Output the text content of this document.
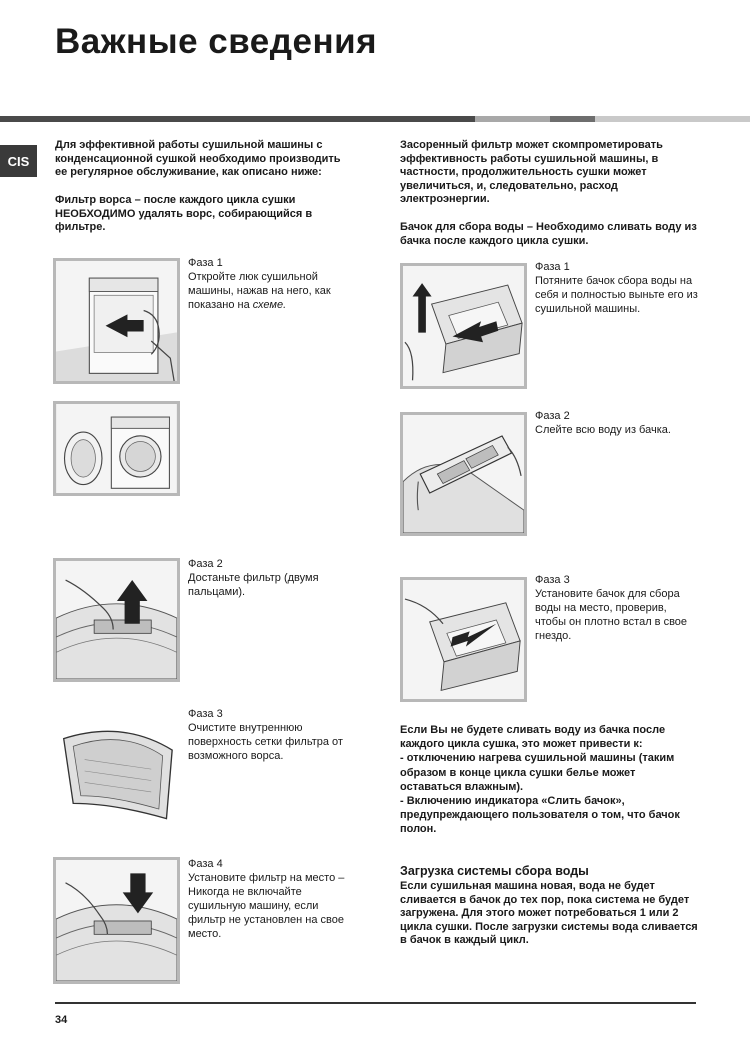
Важные сведения
CIS

Для эффективной работы сушильной машины с конденсационной сушкой необходимо производить ее регулярное обслуживание, как описано ниже:

Фильтр ворса – после каждого цикла сушки НЕОБХОДИМО удалять ворс, собирающийся в фильтре.

Фаза 1
Откройте люк сушильной машины, нажав на него, как показано на схеме.
Фаза 2
Достаньте фильтр (двумя пальцами).
Фаза 3
Очистите внутреннюю поверхность сетки фильтра от возможного ворса.
Фаза 4
Установите фильтр на место – Никогда не включайте сушильную машину, если фильтр не установлен на свое место.

Засоренный фильтр может скомпрометировать эффективность работы сушильной машины, в частности, продолжительность сушки может увеличиться, и, следовательно, расход электроэнергии.

Бачок для сбора воды – Необходимо сливать воду из бачка после каждого цикла сушки.

Фаза 1
Потяните бачок сбора воды на себя и полностью выньте его из сушильной машины.
Фаза 2
Слейте всю воду из бачка.
Фаза 3
Установите бачок для сбора воды на место, проверив, чтобы он плотно встал в свое гнездо.

Если Вы не будете сливать воду из бачка после каждого цикла сушка, это может привести к:
- отключению нагрева сушильной машины (таким образом в конце цикла сушки белье может оставаться влажным).
- Включению индикатора «Слить бачок», предупреждающего пользователя о том, что бачок полон.

Загрузка системы сбора воды

Если сушильная машина новая, вода не будет сливается в бачок до тех пор, пока система не будет загружена. Для этого может потребоваться 1 или 2 цикла сушки. После загрузки системы вода сливается в бачок в каждый цикл.

34
